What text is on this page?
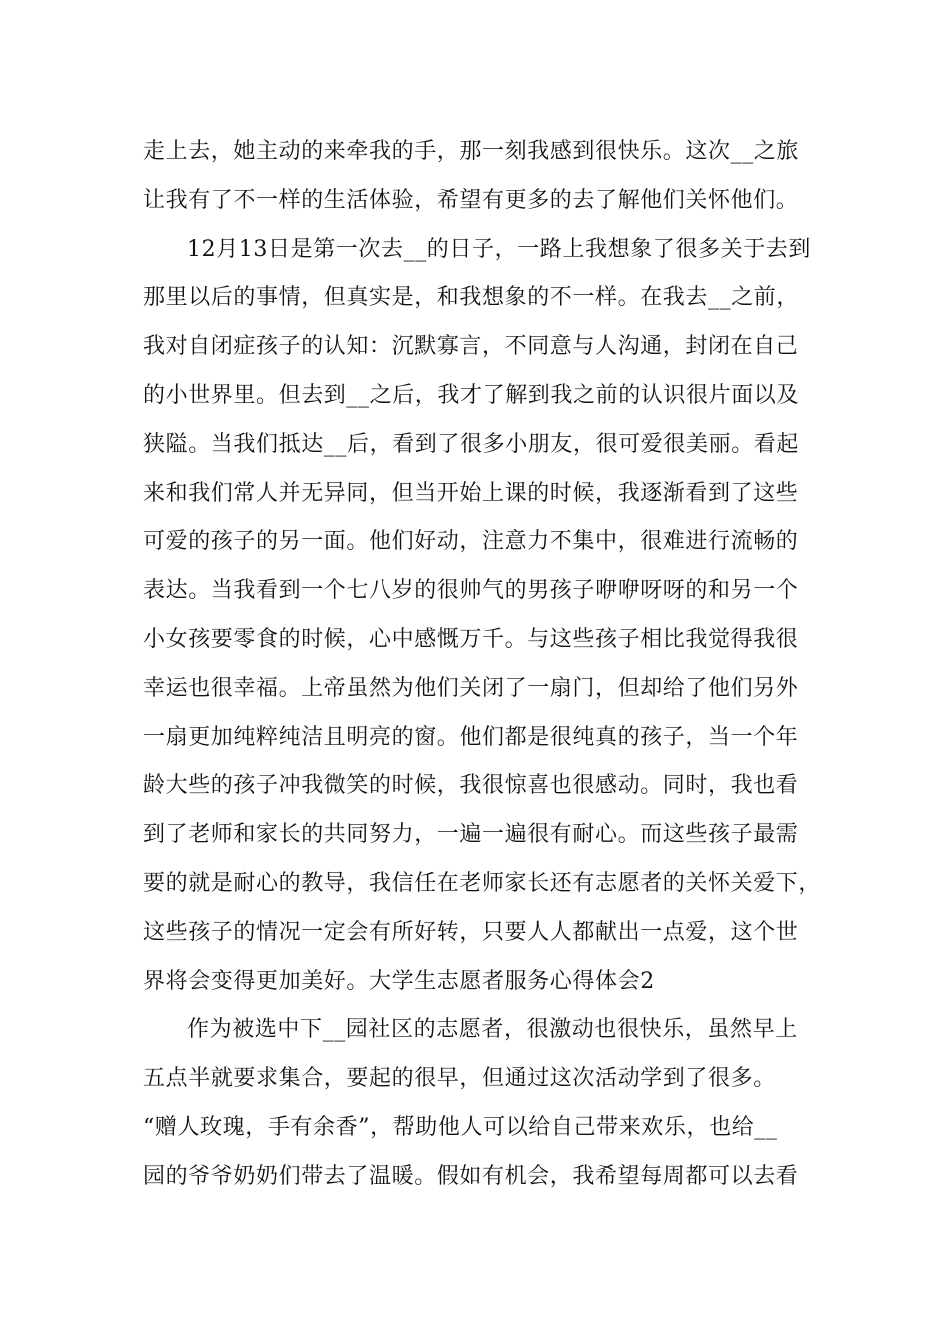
走上去，她主动的来牵我的手，那一刻我感到很快乐。这次__之旅
让我有了不一样的生活体验，希望有更多的去了解他们关怀他们。
12月13日是第一次去__的日子，一路上我想象了很多关于去到
那里以后的事情，但真实是，和我想象的不一样。在我去__之前，
我对自闭症孩子的认知：沉默寡言，不同意与人沟通，封闭在自己
的小世界里。但去到__之后，我才了解到我之前的认识很片面以及
狭隘。当我们抵达__后，看到了很多小朋友，很可爱很美丽。看起
来和我们常人并无异同，但当开始上课的时候，我逐渐看到了这些
可爱的孩子的另一面。他们好动，注意力不集中，很难进行流畅的
表达。当我看到一个七八岁的很帅气的男孩子咿咿呀呀的和另一个
小女孩要零食的时候，心中感慨万千。与这些孩子相比我觉得我很
幸运也很幸福。上帝虽然为他们关闭了一扇门，但却给了他们另外
一扇更加纯粹纯洁且明亮的窗。他们都是很纯真的孩子，当一个年
龄大些的孩子冲我微笑的时候，我很惊喜也很感动。同时，我也看
到了老师和家长的共同努力，一遍一遍很有耐心。而这些孩子最需
要的就是耐心的教导，我信任在老师家长还有志愿者的关怀关爱下，
这些孩子的情况一定会有所好转，只要人人都献出一点爱，这个世
界将会变得更加美好。大学生志愿者服务心得体会2
作为被选中下__园社区的志愿者，很激动也很快乐，虽然早上
五点半就要求集合，要起的很早，但通过这次活动学到了很多。
“赠人玫瑰，手有余香”，帮助他人可以给自己带来欢乐，也给__
园的爷爷奶奶们带去了温暖。假如有机会，我希望每周都可以去看
